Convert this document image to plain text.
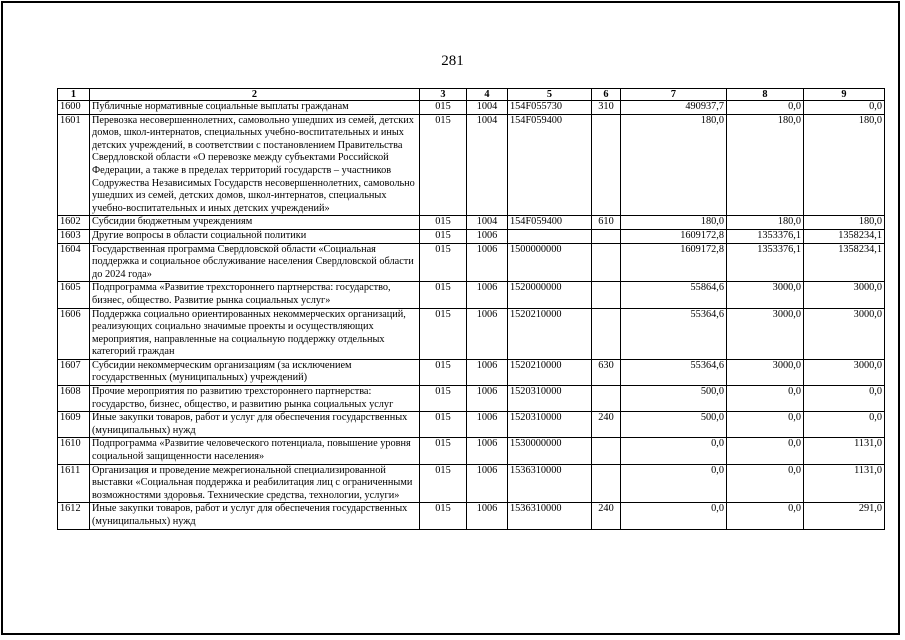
281
1	2	3	4	5	6	7	8	9
1600	Публичные нормативные социальные выплаты гражданам	015	1004	154F055730	310	490937,7	0,0	0,0
1601	Перевозка несовершеннолетних, самовольно ушедших из семей, детских домов, школ-интернатов, специальных учебно-воспитательных и иных детских учреждений, в соответствии с постановлением Правительства Свердловской области «О перевозке между субъектами Российской Федерации, а также в пределах территорий государств – участников Содружества Независимых Государств несовершеннолетних, самовольно ушедших из семей, детских домов, школ-интернатов, специальных учебно-воспитательных и иных детских учреждений»	015	1004	154F059400		180,0	180,0	180,0
1602	Субсидии бюджетным учреждениям	015	1004	154F059400	610	180,0	180,0	180,0
1603	Другие вопросы в области социальной политики	015	1006			1609172,8	1353376,1	1358234,1
1604	Государственная программа Свердловской области «Социальная поддержка и социальное обслуживание населения Свердловской области до 2024 года»	015	1006	1500000000		1609172,8	1353376,1	1358234,1
1605	Подпрограмма «Развитие трехстороннего партнерства: государство, бизнес, общество. Развитие рынка социальных услуг»	015	1006	1520000000		55864,6	3000,0	3000,0
1606	Поддержка социально ориентированных некоммерческих организаций, реализующих социально значимые проекты и осуществляющих мероприятия, направленные на социальную поддержку отдельных категорий граждан	015	1006	1520210000		55364,6	3000,0	3000,0
1607	Субсидии некоммерческим организациям (за исключением государственных (муниципальных) учреждений)	015	1006	1520210000	630	55364,6	3000,0	3000,0
1608	Прочие мероприятия по развитию трехстороннего партнерства: государство, бизнес, общество, и развитию рынка социальных услуг	015	1006	1520310000		500,0	0,0	0,0
1609	Иные закупки товаров, работ и услуг для обеспечения государственных (муниципальных) нужд	015	1006	1520310000	240	500,0	0,0	0,0
1610	Подпрограмма «Развитие человеческого потенциала, повышение уровня социальной защищенности населения»	015	1006	1530000000		0,0	0,0	1131,0
1611	Организация и проведение межрегиональной специализированной выставки «Социальная поддержка и реабилитация лиц с ограниченными возможностями здоровья. Технические средства, технологии, услуги»	015	1006	1536310000		0,0	0,0	1131,0
1612	Иные закупки товаров, работ и услуг для обеспечения государственных (муниципальных) нужд	015	1006	1536310000	240	0,0	0,0	291,0
